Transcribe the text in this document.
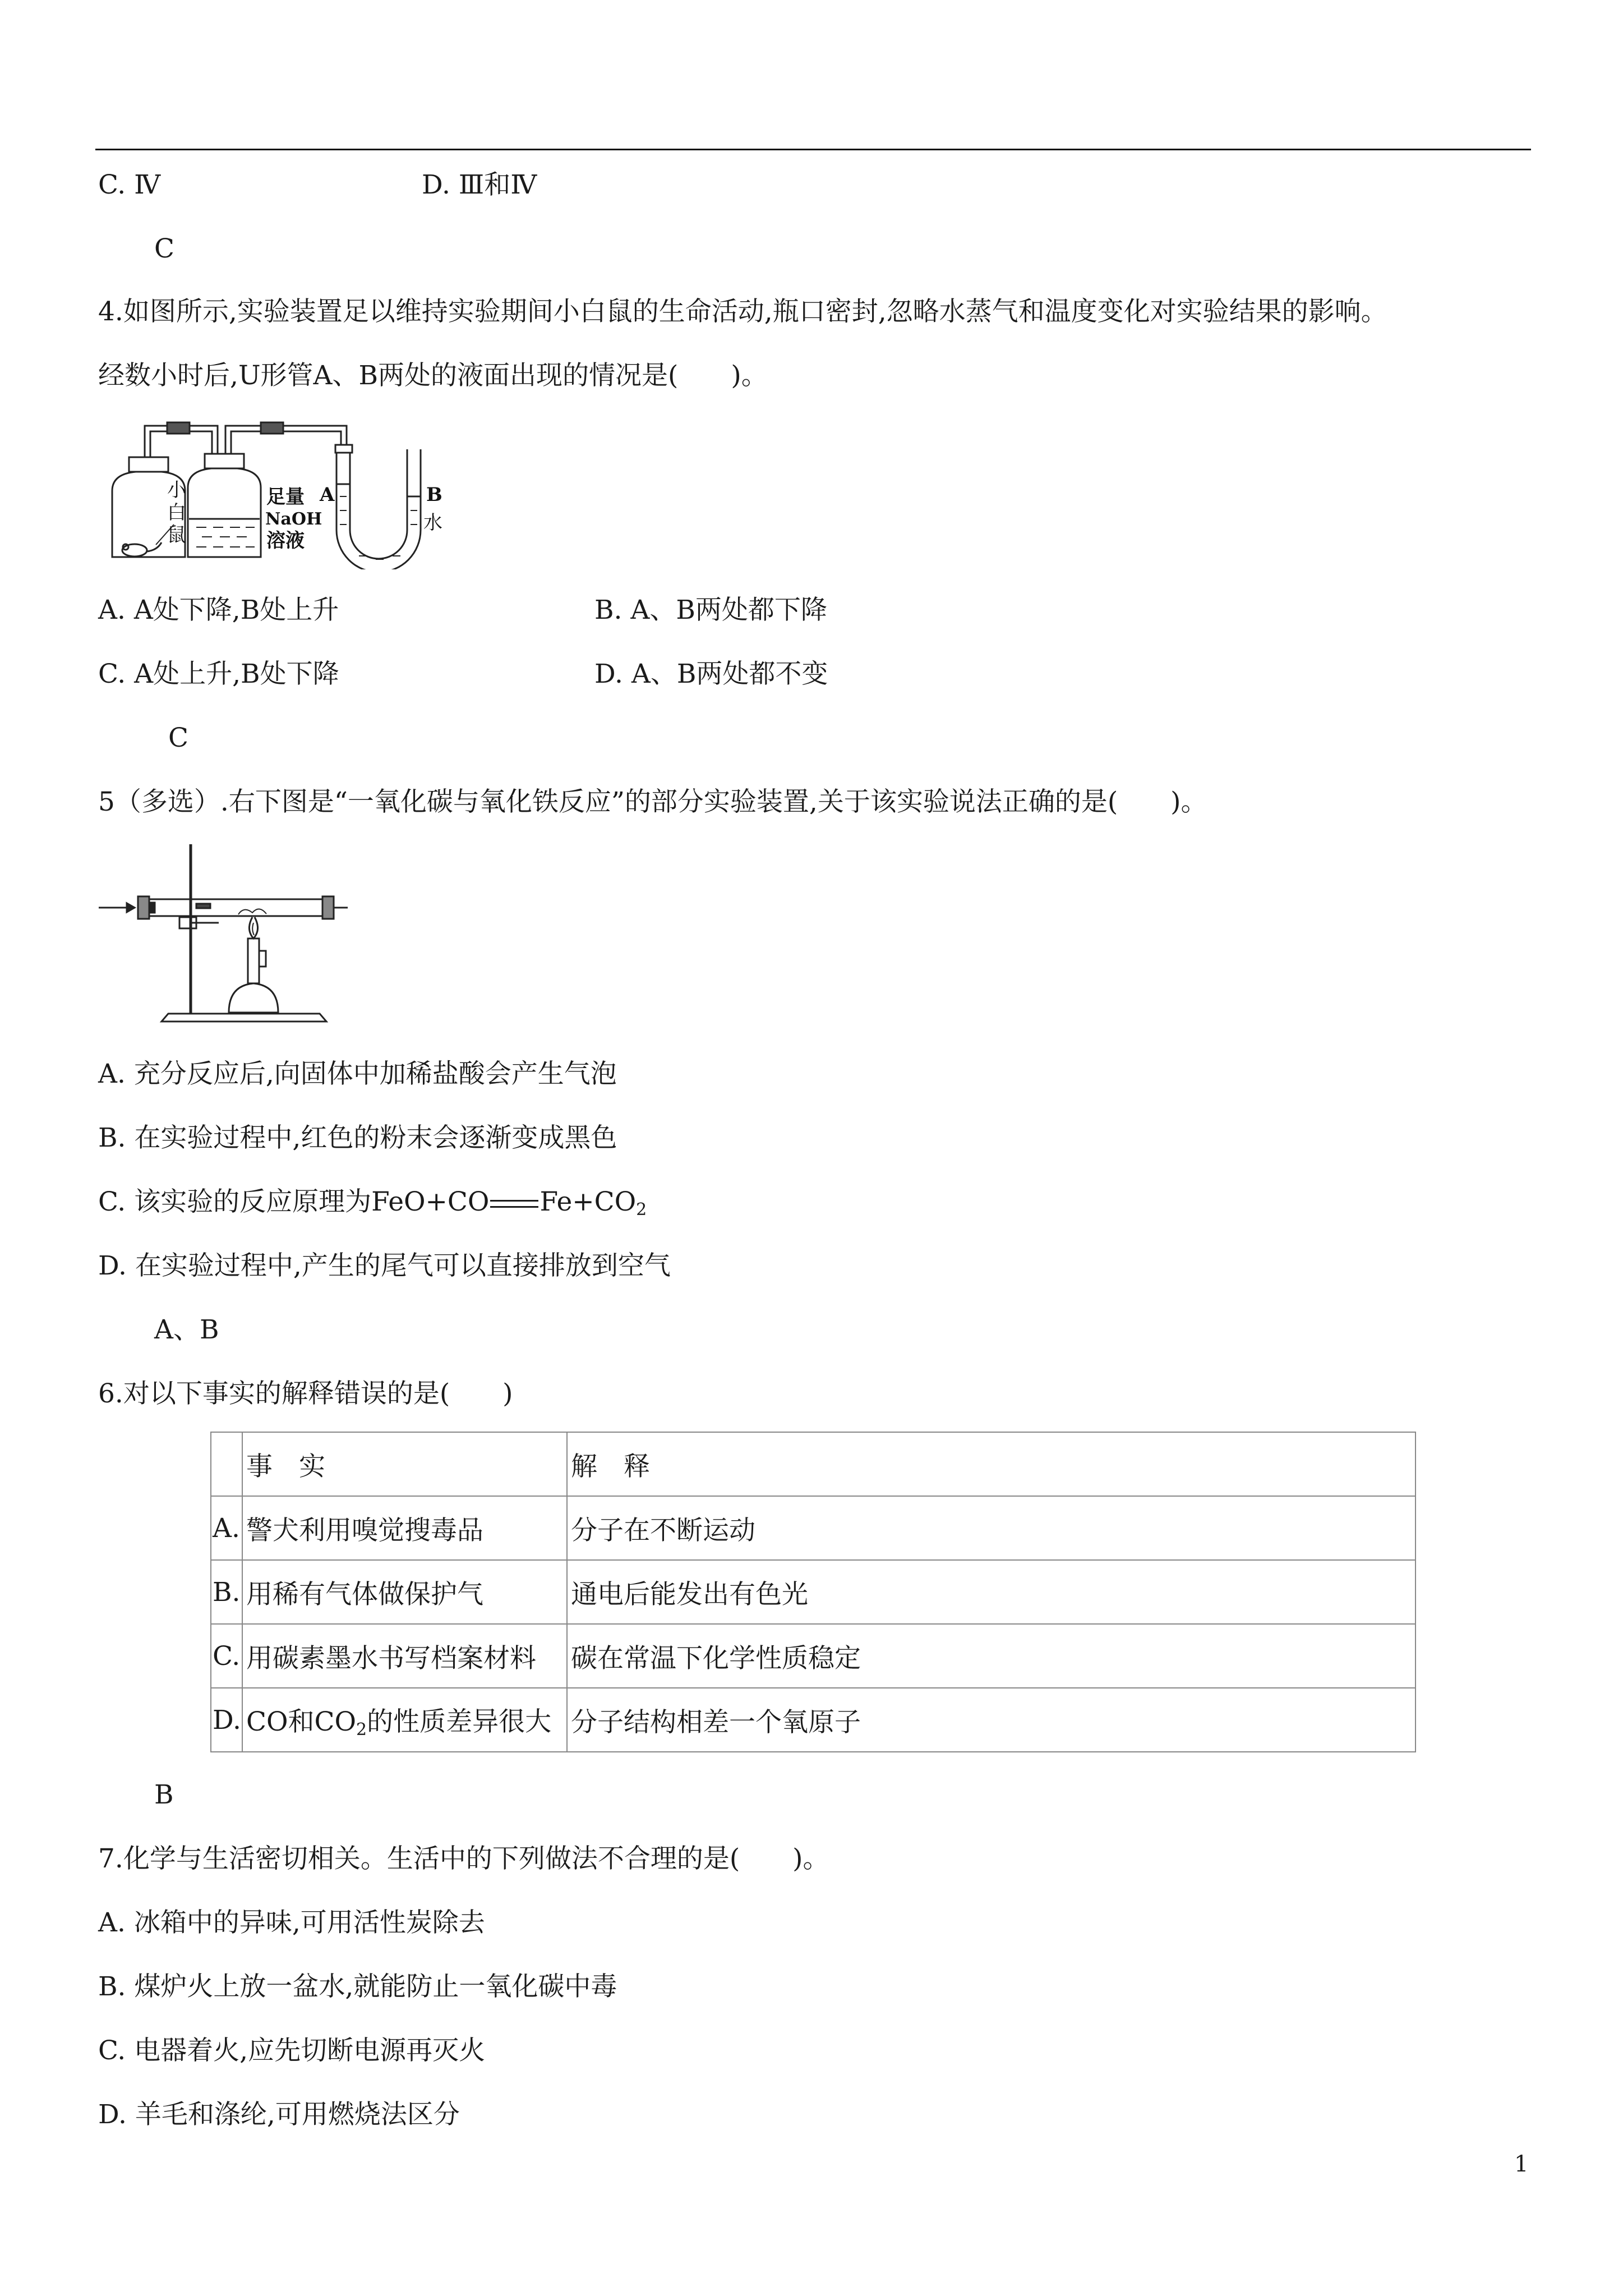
C. Ⅳ	D. Ⅲ和Ⅳ
C
4.如图所示,实验装置足以维持实验期间小白鼠的生命活动,瓶口密封,忽略水蒸气和温度变化对实验结果的影响。
经数小时后,U形管A、B两处的液面出现的情况是(　　)。
小
白
鼠
足量
NaOH
溶液
A	B
水
A. A处下降,B处上升	B. A、B两处都下降
C. A处上升,B处下降	D. A、B两处都不变
C
5（多选）.右下图是“一氧化碳与氧化铁反应”的部分实验装置,关于该实验说法正确的是(　　)。
A. 充分反应后,向固体中加稀盐酸会产生气泡
B. 在实验过程中,红色的粉末会逐渐变成黑色
C. 该实验的反应原理为FeO+CO $Fe+CO_2$
D. 在实验过程中,产生的尾气可以直接排放到空气
A、B
6.对以下事实的解释错误的是(　　)
	事　实	解　释
A.	警犬利用嗅觉搜毒品	分子在不断运动
B.	用稀有气体做保护气	通电后能发出有色光
C.	用碳素墨水书写档案材料	碳在常温下化学性质稳定
D.	CO和$CO_2$的性质差异很大	分子结构相差一个氧原子
B
7.化学与生活密切相关。生活中的下列做法不合理的是(　　)。
A. 冰箱中的异味,可用活性炭除去
B. 煤炉火上放一盆水,就能防止一氧化碳中毒
C. 电器着火,应先切断电源再灭火
D. 羊毛和涤纶,可用燃烧法区分
1
